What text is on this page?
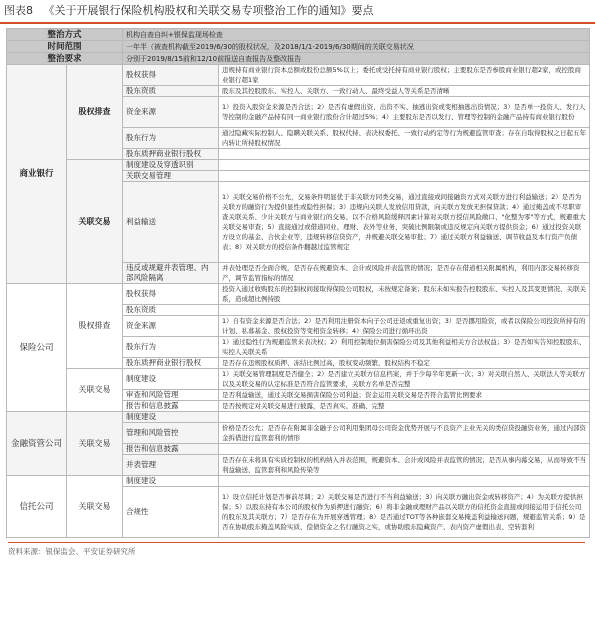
图表8 《关于开展银行保险机构股权和关联交易专项整治工作的通知》要点
整治方式		机构自查自纠+银保监现场检查	
时间范围		一年半（被查机构截至2019/6/30的股权状况，及2018/1/1-2019/6/30期间的关联交易状况	
整治要求		分别于2019/8/15前和12/10前报送自查报告及整改报告	
商业银行	股权排查	股权获得	违规持有商业银行资本总额或股份总额5%以上；委托或受托持有商业银行股权；主要股东是否参股商业银行超2家，或控股商业银行超1家
		股东资质	股东及其控股股东、实控人、关联方、一致行动人、最终受益人等关系是否清晰
		资金来源	1）投资入股资金来源是否合法；2）是否有虚假出资、出资不实、抽逃出资或变相抽逃出资情况；3）是否单一投资人、发行人等控制的金融产品持有同一商业银行股份合计超过5%；4）主要股东是否以发行、管理等控制的金融产品持有商业银行股份
		股东行为	通过隐藏实际控制人、隐瞒关联关系、股权代持、表决权委托、一致行动约定等行为规避监管审查；存在自取得股权之日起五年内转让所持股权情况
		股东质押商业银行股权	
	关联交易	制度建设及穿透识别	
		关联交易管理	
		利益输送	1）关联交易价格不公允，交易条件明显优于非关联方同类交易，通过直接或间接融资方式对关联方进行利益输送；2）是否为关联方的融资行为提供显性或隐性担保；3）违规向关联人发放信用贷款，向关联方发放无担保贷款；4）通过掩盖或不尽职审查关联关系、少计关联方与商业银行的交易、以不合格风险缓释因素计算对关联方授信风险敞口、"化整为零"等方式，规避重大关联交易审查；5）直接通过或借道同业、理财、表外等业务，突破比例限制或违反规定向关联方提供资金；6）通过投资关联方设立的基金、合伙企业等，违规转移信贷资产，并规避关联交易审批；7）通过关联方利益输送、调节收益及本行资产负债表；8）对关联方的授信条件翻越过监管规定
		违反或规避并表管理、内部风险隔离	并表处理是否全面合规，是否存在规避资本、会计或风险并表监管的情况；是否存在借道相关附属机构，利用内部交易转移资产，调节监管指标的情况
保险公司	股权排查	股权获得	投资入通过收购股东的控制权间接取得保险公司股权，未按规定备案；股东未如实报告控股股东、实控人及其变更情况、关联关系，造成超比例持股
		股东资质	
		资金来源	1）自有资金来源是否合法；2）是否利用注册资本向子公司迁返或重复出资；3）是否挪用险资，或者以保险公司投资所持有的计划、私募基金、股权投资等变相资金转移；4）保险公司进行循环出资
		股东行为	1）通过隐性行为规避监管来表决权；2）利用控制地位损害保险公司及其他利益相关方合法权益；3）是否如实告知控股股东、实控人关联关系
		股东质押商业银行股权	是否存在违规股权质押、冻结比例过高，股权变动频繁，股权结构不稳定
	关联交易	制度建设	1）关联交易管理制度是否健全；2）是否建立关联方信息档案，并于少每半年更新一次；3）对关联自然人、关联法人等关联方以及关联交易的认定标准是否符合监管要求，关联方名单是否完整
		审查和风险管理	是否利益输送，通过关联交易损害保险公司利益；资金运用关联交易是否符合监管比例要求
		报告和信息披露	是否按规定对关联交易进行披露，是否真实、准确、完整
金融资管公司	关联交易	制度建设	
		管理和风险管控	价格是否公允；是否存在附属非金融子公司利用集团母公司资金优势开展与不良资产主业无关的类信贷投融资业务，通过内部资金拆借进行监管套利的情形
		报告和信息披露	
		并表管理	是否存在未将具有实质控制权的机构纳入并表范围，规避资本、会计或风险并表监管的情况；是否从事内幕交易，从而导致不当利益输送、监管套利和风险传染等
信托公司	关联交易	制度建设	
		合规性	1）设立信托计划是否事前尽调；2）关联交易是否进行不当利益输送；3）向关联方融出资金或转移资产；4）为关联方提供担保；5）以股东持有本公司的股权作为质押进行融资；6）将非金融或理财产品以关联方的信托资金直接或间接运用于信托公司的股东及其关联方；7）是否存在为开展穿透管理；8）是否通过TOT等各种嵌套交易掩盖利益输送问题，规避监管关系；9）是否在协助股东掩盖风险实质、偿债资金之名行融资之实，或协助股东隐藏资产、表内资产虚假出表、空转套利
资料来源：银保监会、平安证券研究所
